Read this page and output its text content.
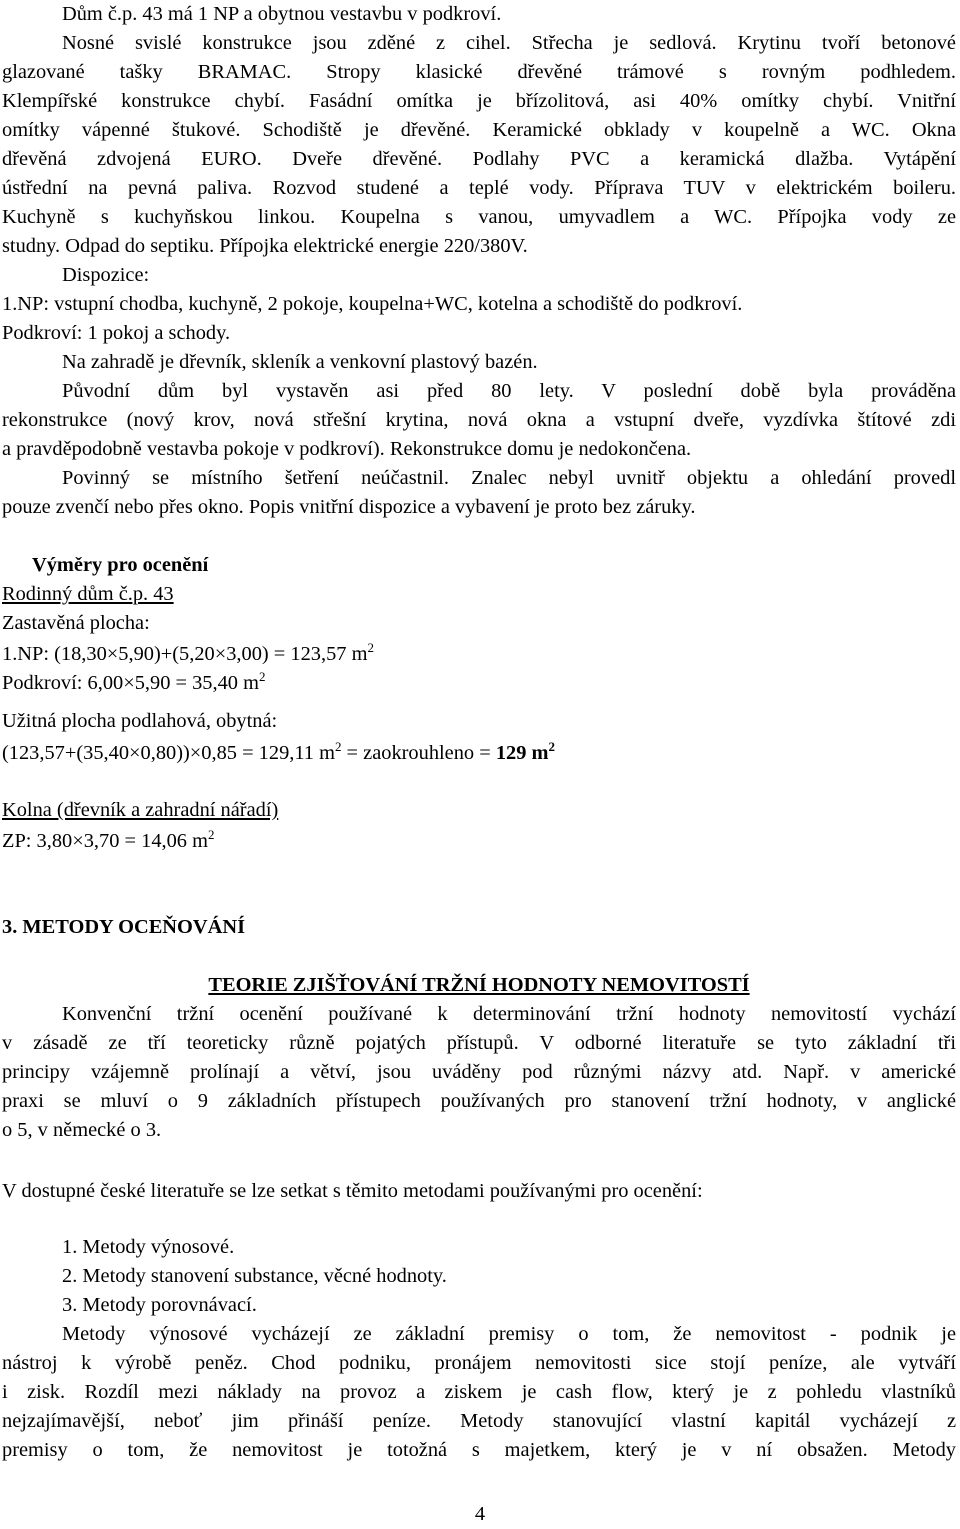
Dům č.p. 43 má 1 NP a obytnou vestavbu v podkroví.
Nosné svislé konstrukce jsou zděné z cihel. Střecha je sedlová. Krytinu tvoří betonové
glazované tašky BRAMAC. Stropy klasické dřevěné trámové s rovným podhledem.
Klempířské konstrukce chybí. Fasádní omítka je břízolitová, asi 40% omítky chybí. Vnitřní
omítky vápenné štukové. Schodiště je dřevěné. Keramické obklady v koupelně a WC. Okna
dřevěná zdvojená EURO. Dveře dřevěné. Podlahy PVC a keramická dlažba. Vytápění
ústřední na pevná paliva. Rozvod studené a teplé vody. Příprava TUV v elektrickém boileru.
Kuchyně s kuchyňskou linkou. Koupelna s vanou, umyvadlem a WC. Přípojka vody ze
studny. Odpad do septiku. Přípojka elektrické energie 220/380V.
Dispozice:
1.NP: vstupní chodba, kuchyně, 2 pokoje, koupelna+WC, kotelna a schodiště do podkroví.
Podkroví: 1 pokoj a schody.
Na zahradě je dřevník, skleník a venkovní plastový bazén.
Původní dům byl vystavěn asi před 80 lety. V poslední době byla prováděna
rekonstrukce (nový krov, nová střešní krytina, nová okna a vstupní dveře, vyzdívka štítové zdi
a pravděpodobně vestavba pokoje v podkroví). Rekonstrukce domu je nedokončena.
Povinný se místního šetření neúčastnil. Znalec nebyl uvnitř objektu a ohledání provedl
pouze zvenčí nebo přes okno. Popis vnitřní dispozice a vybavení je proto bez záruky.
Výměry pro ocenění
Rodinný dům č.p. 43
Zastavěná plocha:
1.NP: (18,30×5,90)+(5,20×3,00) = 123,57 $m^2$
Podkroví: 6,00×5,90 = 35,40 $m^2$
Užitná plocha podlahová, obytná:
(123,57+(35,40×0,80))×0,85 = 129,11 $m^2$ = zaokrouhleno = 129 $m^2$
Kolna (dřevník a zahradní nářadí)
ZP: 3,80×3,70 = 14,06 $m^2$
3. METODY OCEŇOVÁNÍ
TEORIE ZJIŠŤOVÁNÍ TRŽNÍ HODNOTY NEMOVITOSTÍ
Konvenční tržní ocenění používané k determinování tržní hodnoty nemovitostí vychází
v zásadě ze tří teoreticky různě pojatých přístupů. V odborné literatuře se tyto základní tři
principy vzájemně prolínají a větví, jsou uváděny pod různými názvy atd. Např. v americké
praxi se mluví o 9 základních přístupech používaných pro stanovení tržní hodnoty, v anglické
o 5, v německé o 3.
V dostupné české literatuře se lze setkat s těmito metodami používanými pro ocenění:
1. Metody výnosové.
2. Metody stanovení substance, věcné hodnoty.
3. Metody porovnávací.
Metody výnosové vycházejí ze základní premisy o tom, že nemovitost - podnik je
nástroj k výrobě peněz. Chod podniku, pronájem nemovitosti sice stojí peníze, ale vytváří
i zisk. Rozdíl mezi náklady na provoz a ziskem je cash flow, který je z pohledu vlastníků
nejzajímavější, neboť jim přináší peníze. Metody stanovující vlastní kapitál vycházejí z
premisy o tom, že nemovitost je totožná s majetkem, který je v ní obsažen. Metody
4
